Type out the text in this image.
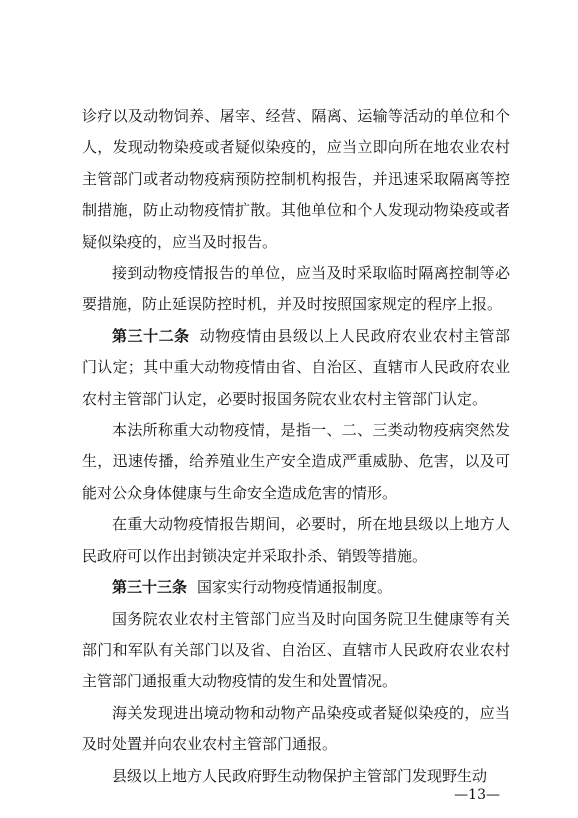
诊疗以及动物饲养、屠宰、经营、隔离、运输等活动的单位和个人，发现动物染疫或者疑似染疫的，应当立即向所在地农业农村主管部门或者动物疫病预防控制机构报告，并迅速采取隔离等控制措施，防止动物疫情扩散。其他单位和个人发现动物染疫或者疑似染疫的，应当及时报告。

接到动物疫情报告的单位，应当及时采取临时隔离控制等必要措施，防止延误防控时机，并及时按照国家规定的程序上报。

第三十二条 动物疫情由县级以上人民政府农业农村主管部门认定；其中重大动物疫情由省、自治区、直辖市人民政府农业农村主管部门认定，必要时报国务院农业农村主管部门认定。

本法所称重大动物疫情，是指一、二、三类动物疫病突然发生，迅速传播，给养殖业生产安全造成严重威胁、危害，以及可能对公众身体健康与生命安全造成危害的情形。

在重大动物疫情报告期间，必要时，所在地县级以上地方人民政府可以作出封锁决定并采取扑杀、销毁等措施。

第三十三条 国家实行动物疫情通报制度。

国务院农业农村主管部门应当及时向国务院卫生健康等有关部门和军队有关部门以及省、自治区、直辖市人民政府农业农村主管部门通报重大动物疫情的发生和处置情况。

海关发现进出境动物和动物产品染疫或者疑似染疫的，应当及时处置并向农业农村主管部门通报。

县级以上地方人民政府野生动物保护主管部门发现野生动

—13—
